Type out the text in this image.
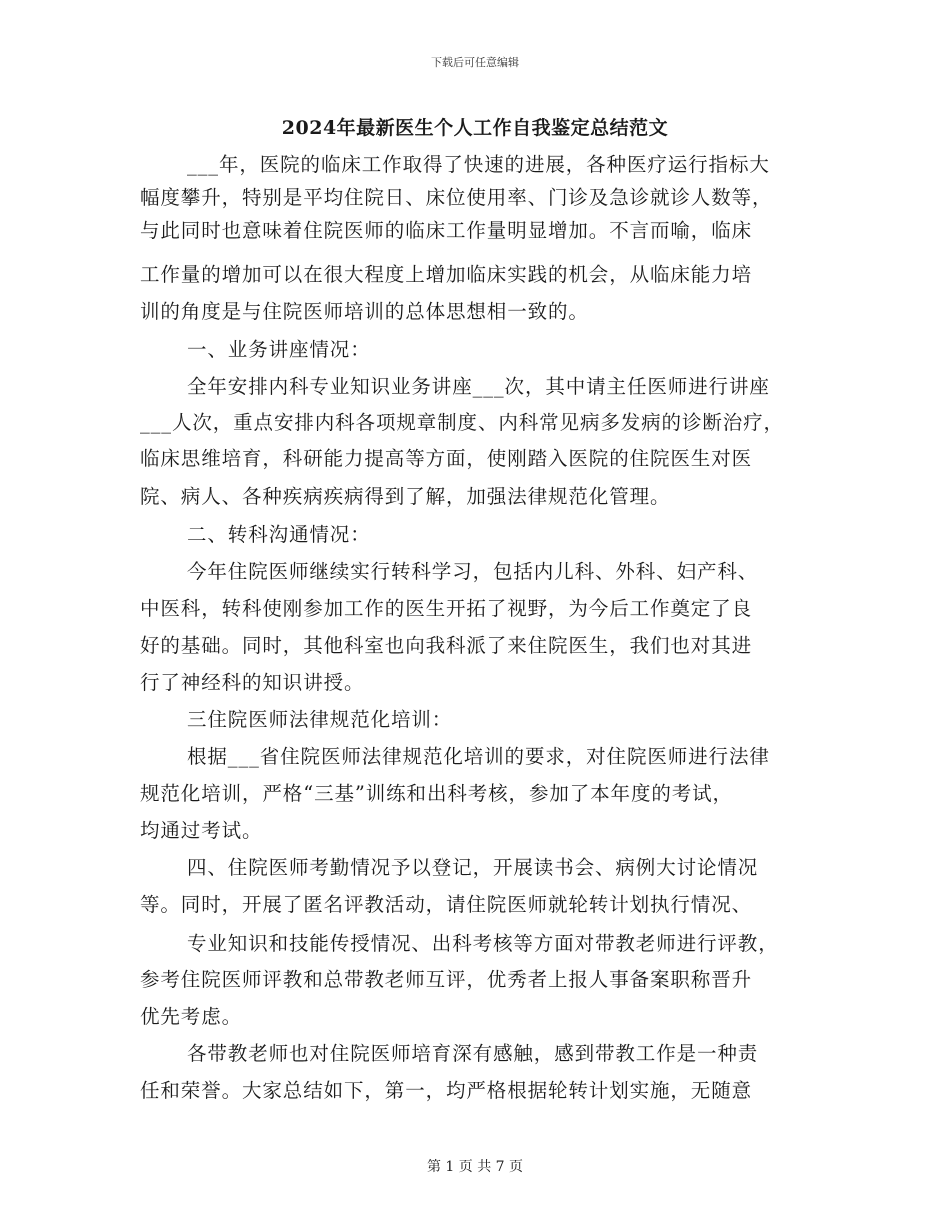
下载后可任意编辑
2024年最新医生个人工作自我鉴定总结范文
___年，医院的临床工作取得了快速的进展，各种医疗运行指标大
幅度攀升，特别是平均住院日、床位使用率、门诊及急诊就诊人数等，
与此同时也意味着住院医师的临床工作量明显增加。不言而喻，临床
工作量的增加可以在很大程度上增加临床实践的机会，从临床能力培
训的角度是与住院医师培训的总体思想相一致的。
一、业务讲座情况：
全年安排内科专业知识业务讲座___次，其中请主任医师进行讲座
___人次，重点安排内科各项规章制度、内科常见病多发病的诊断治疗，
临床思维培育，科研能力提高等方面，使刚踏入医院的住院医生对医
院、病人、各种疾病疾病得到了解，加强法律规范化管理。
二、转科沟通情况：
今年住院医师继续实行转科学习，包括内儿科、外科、妇产科、
中医科，转科使刚参加工作的医生开拓了视野，为今后工作奠定了良
好的基础。同时，其他科室也向我科派了来住院医生，我们也对其进
行了神经科的知识讲授。
三住院医师法律规范化培训：
根据___省住院医师法律规范化培训的要求，对住院医师进行法律
规范化培训，严格“三基”训练和出科考核，参加了本年度的考试，
均通过考试。
四、住院医师考勤情况予以登记，开展读书会、病例大讨论情况
等。同时，开展了匿名评教活动，请住院医师就轮转计划执行情况、
专业知识和技能传授情况、出科考核等方面对带教老师进行评教，
参考住院医师评教和总带教老师互评，优秀者上报人事备案职称晋升
优先考虑。
各带教老师也对住院医师培育深有感触，感到带教工作是一种责
任和荣誉。大家总结如下，第一，均严格根据轮转计划实施，无随意
第 1 页 共 7 页
